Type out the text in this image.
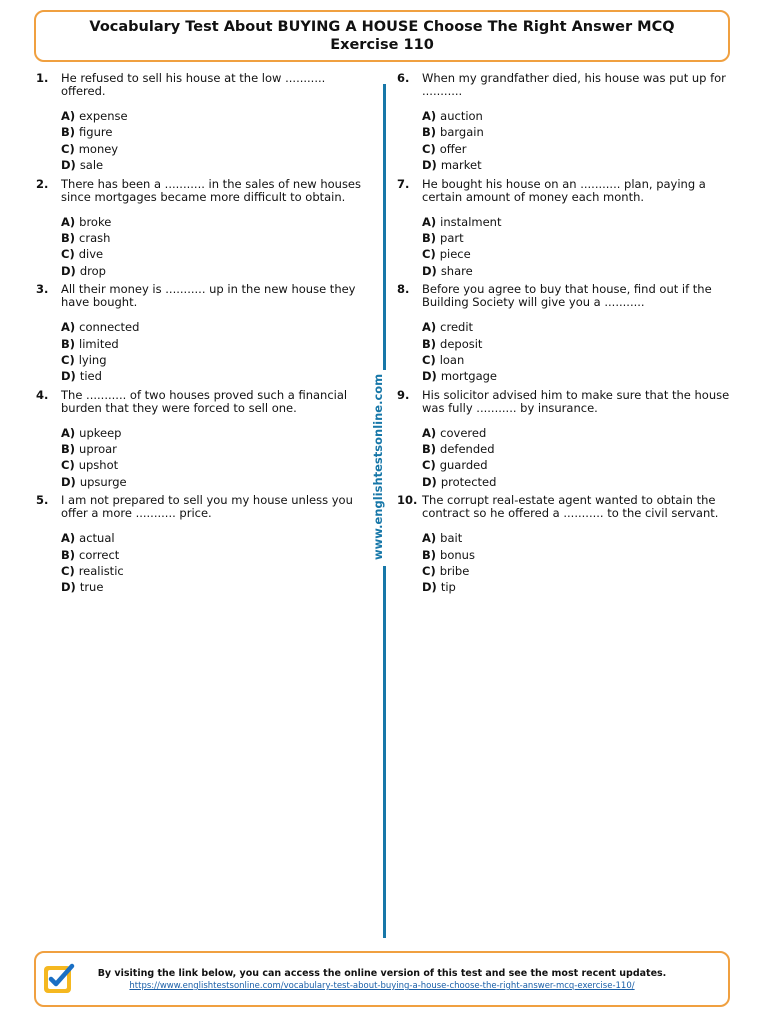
Vocabulary Test About BUYING A HOUSE Choose The Right Answer MCQ
Exercise 110
1. He refused to sell his house at the low ........... offered.
A) expense
B) figure
C) money
D) sale
2. There has been a ........... in the sales of new houses since mortgages became more difficult to obtain.
A) broke
B) crash
C) dive
D) drop
3. All their money is ........... up in the new house they have bought.
A) connected
B) limited
C) lying
D) tied
4. The ........... of two houses proved such a financial burden that they were forced to sell one.
A) upkeep
B) uproar
C) upshot
D) upsurge
5. I am not prepared to sell you my house unless you offer a more ........... price.
A) actual
B) correct
C) realistic
D) true
www.englishtestsonline.com
6. When my grandfather died, his house was put up for ...........
A) auction
B) bargain
C) offer
D) market
7. He bought his house on an ........... plan, paying a certain amount of money each month.
A) instalment
B) part
C) piece
D) share
8. Before you agree to buy that house, find out if the Building Society will give you a ...........
A) credit
B) deposit
C) loan
D) mortgage
9. His solicitor advised him to make sure that the house was fully ........... by insurance.
A) covered
B) defended
C) guarded
D) protected
10. The corrupt real-estate agent wanted to obtain the contract so he offered a ........... to the civil servant.
A) bait
B) bonus
C) bribe
D) tip
By visiting the link below, you can access the online version of this test and see the most recent updates.
https://www.englishtestsonline.com/vocabulary-test-about-buying-a-house-choose-the-right-answer-mcq-exercise-110/
